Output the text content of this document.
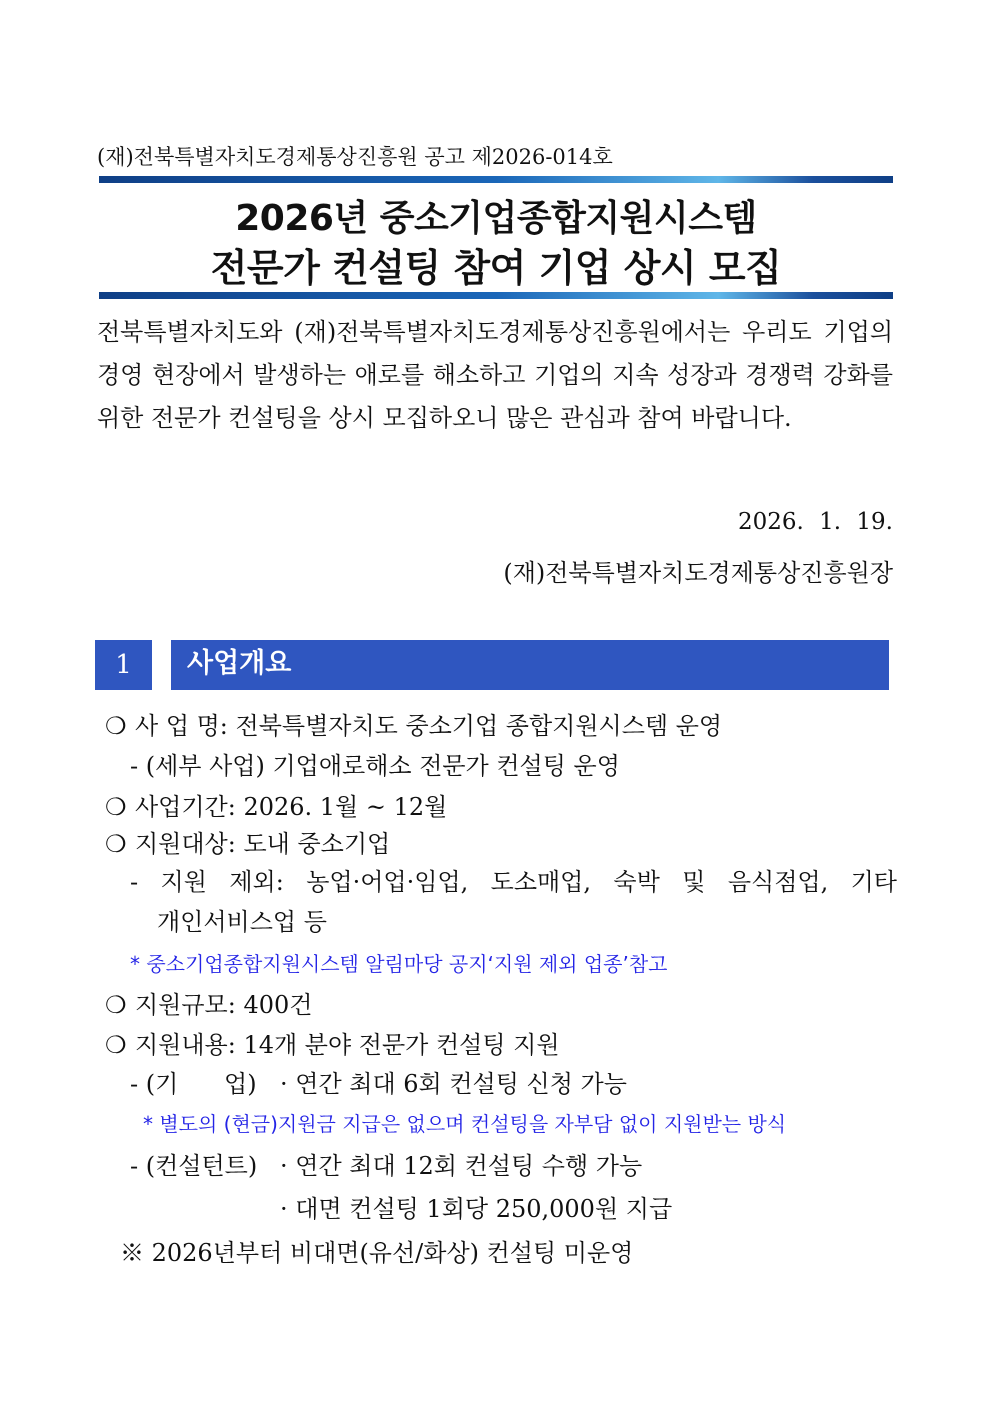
(재)전북특별자치도경제통상진흥원 공고 제2026-014호
2026년 중소기업종합지원시스템
전문가 컨설팅 참여 기업 상시 모집
전북특별자치도와 (재)전북특별자치도경제통상진흥원에서는 우리도 기업의 경영 현장에서 발생하는 애로를 해소하고 기업의 지속 성장과 경쟁력 강화를 위한 전문가 컨설팅을 상시 모집하오니 많은 관심과 참여 바랍니다.
2026. 1. 19.
(재)전북특별자치도경제통상진흥원장
1	사업개요
❍ 사 업 명: 전북특별자치도 중소기업 종합지원시스템 운영
- (세부 사업) 기업애로해소 전문가 컨설팅 운영
❍ 사업기간: 2026. 1월 ~ 12월
❍ 지원대상: 도내 중소기업
- 지원 제외: 농업·어업·임업, 도소매업, 숙박 및 음식점업, 기타
개인서비스업 등
* 중소기업종합지원시스템 알림마당 공지‘지원 제외 업종’참고
❍ 지원규모: 400건
❍ 지원내용: 14개 분야 전문가 컨설팅 지원
- (기      업) · 연간 최대 6회 컨설팅 신청 가능
* 별도의 (현금)지원금 지급은 없으며 컨설팅을 자부담 없이 지원받는 방식
- (컨설턴트) · 연간 최대 12회 컨설팅 수행 가능
· 대면 컨설팅 1회당 250,000원 지급
※ 2026년부터 비대면(유선/화상) 컨설팅 미운영
